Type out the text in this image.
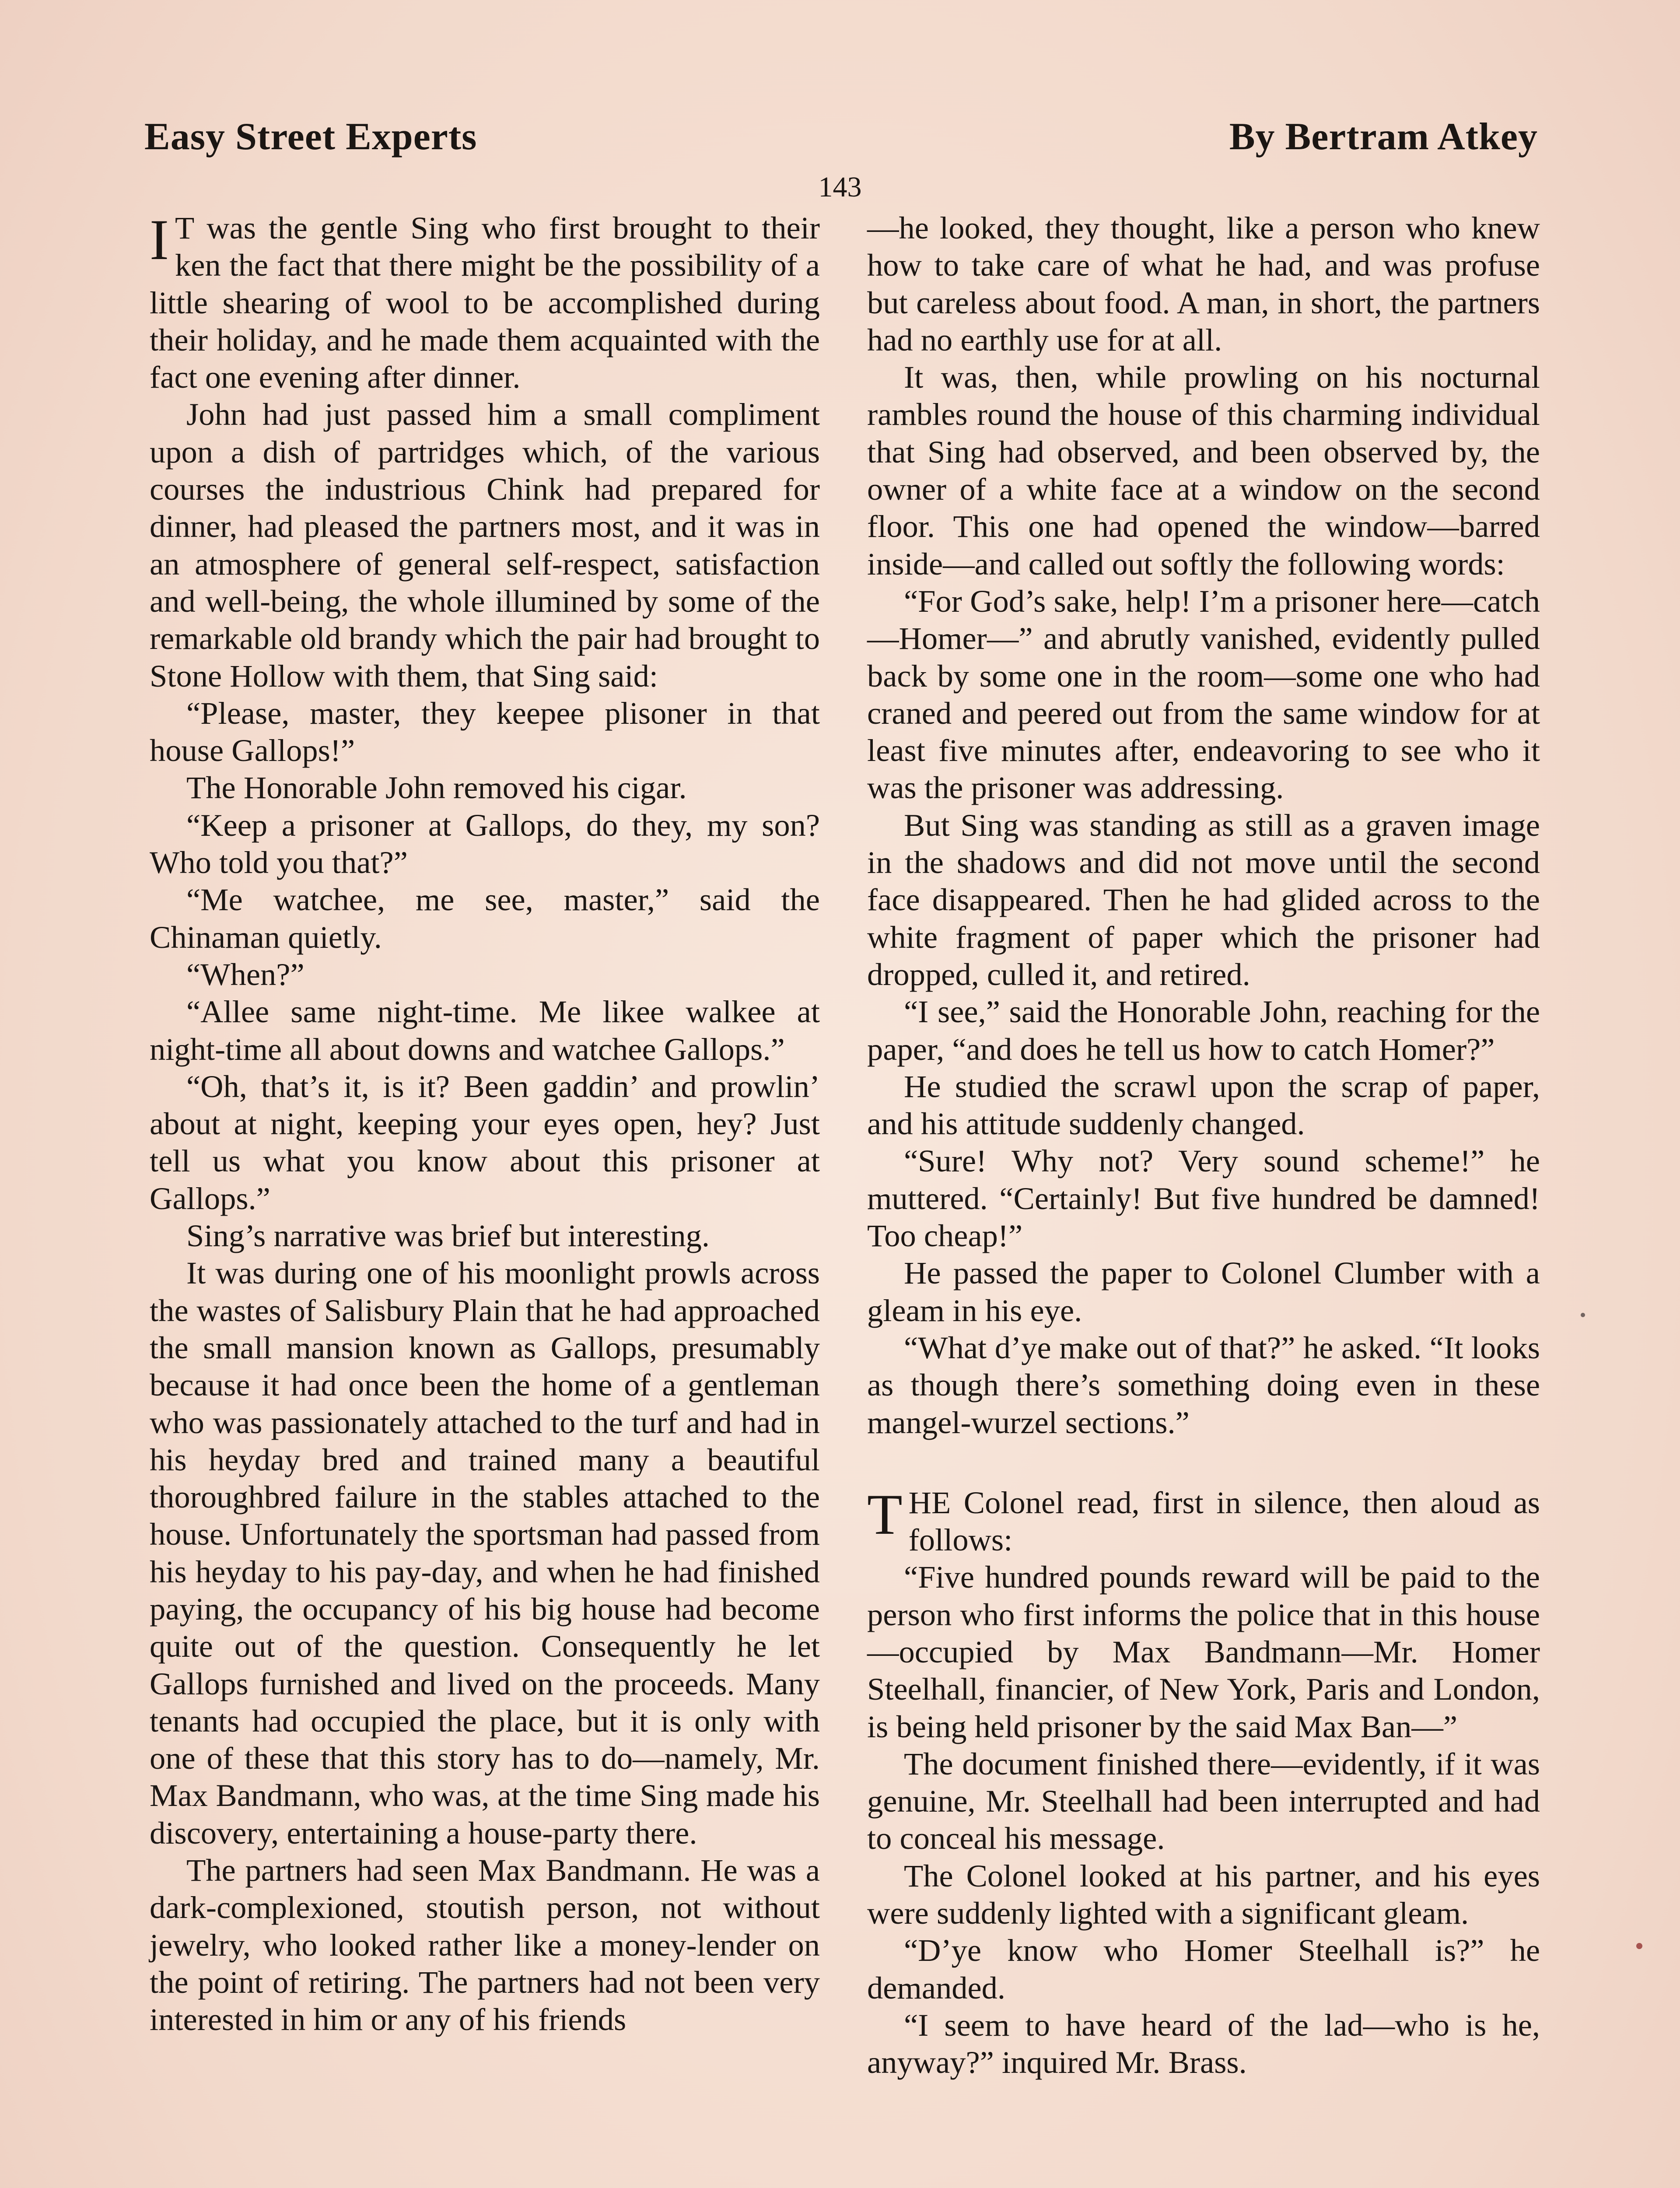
Easy Street Experts	By Bertram Atkey
143

I T was the gentle Sing who first brought to their ken the fact that there might be the possibility of a little shearing of wool to be accomplished during their holiday, and he made them acquainted with the fact one evening after dinner.

John had just passed him a small compliment upon a dish of partridges which, of the various courses the industrious Chink had prepared for dinner, had pleased the partners most, and it was in an atmosphere of general self-respect, satisfaction and well-being, the whole illumined by some of the remarkable old brandy which the pair had brought to Stone Hollow with them, that Sing said:

“Please, master, they keepee plisoner in that house Gallops!”

The Honorable John removed his cigar.

“Keep a prisoner at Gallops, do they, my son? Who told you that?”

“Me watchee, me see, master,” said the Chinaman quietly.

“When?”

“Allee same night-time. Me likee walkee at night-time all about downs and watchee Gallops.”

“Oh, that’s it, is it? Been gaddin’ and prowlin’ about at night, keeping your eyes open, hey? Just tell us what you know about this prisoner at Gallops.”

Sing’s narrative was brief but interesting.

It was during one of his moonlight prowls across the wastes of Salisbury Plain that he had approached the small mansion known as Gallops, presumably because it had once been the home of a gentleman who was passionately attached to the turf and had in his heyday bred and trained many a beautiful thoroughbred failure in the stables attached to the house. Unfortunately the sportsman had passed from his heyday to his pay-day, and when he had finished paying, the occupancy of his big house had become quite out of the question. Consequently he let Gallops furnished and lived on the proceeds. Many tenants had occupied the place, but it is only with one of these that this story has to do—namely, Mr. Max Bandmann, who was, at the time Sing made his discovery, entertaining a house-party there.

The partners had seen Max Bandmann. He was a dark-complexioned, stoutish person, not without jewelry, who looked rather like a money-lender on the point of retiring. The partners had not been very interested in him or any of his friends

—he looked, they thought, like a person who knew how to take care of what he had, and was profuse but careless about food. A man, in short, the partners had no earthly use for at all.

It was, then, while prowling on his nocturnal rambles round the house of this charming individual that Sing had observed, and been observed by, the owner of a white face at a window on the second floor. This one had opened the window—barred inside—and called out softly the following words:

“For God’s sake, help! I’m a prisoner here—catch—Homer—” and abrutly vanished, evidently pulled back by some one in the room—some one who had craned and peered out from the same window for at least five minutes after, endeavoring to see who it was the prisoner was addressing.

But Sing was standing as still as a graven image in the shadows and did not move until the second face disappeared. Then he had glided across to the white fragment of paper which the prisoner had dropped, culled it, and retired.

“I see,” said the Honorable John, reaching for the paper, “and does he tell us how to catch Homer?”

He studied the scrawl upon the scrap of paper, and his attitude suddenly changed.

“Sure! Why not? Very sound scheme!” he muttered. “Certainly! But five hundred be damned! Too cheap!”

He passed the paper to Colonel Clumber with a gleam in his eye.

“What d’ye make out of that?” he asked. “It looks as though there’s something doing even in these mangel-wurzel sections.”

THE Colonel read, first in silence, then aloud as follows:

“Five hundred pounds reward will be paid to the person who first informs the police that in this house—occupied by Max Bandmann—Mr. Homer Steelhall, financier, of New York, Paris and London, is being held prisoner by the said Max Ban—”

The document finished there—evidently, if it was genuine, Mr. Steelhall had been interrupted and had to conceal his message.

The Colonel looked at his partner, and his eyes were suddenly lighted with a significant gleam.

“D’ye know who Homer Steelhall is?” he demanded.

“I seem to have heard of the lad—who is he, anyway?” inquired Mr. Brass.
